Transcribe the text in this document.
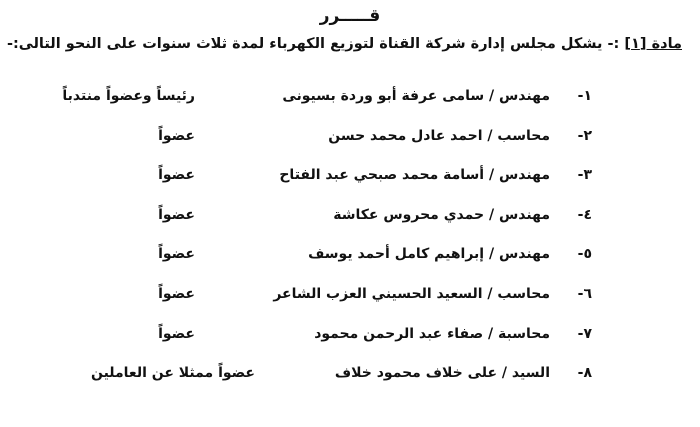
قـــــرر
مادة [١] :- يشكل مجلس إدارة شركة القناة لتوزيع الكهرباء لمدة ثلاث سنوات على النحو التالى:-
١-
مهندس / سامى عرفة أبو وردة بسيونى
رئيساً وعضواً منتدباً
٢-
محاسب / احمد عادل محمد حسن
عضواً
٣-
مهندس / أسامة محمد صبحي عبد الفتاح
عضواً
٤-
مهندس / حمدي محروس عكاشة
عضواً
٥-
مهندس / إبراهيم كامل أحمد يوسف
عضواً
٦-
محاسب / السعيد الحسيني العزب الشاعر
عضواً
٧-
محاسبة / صفاء عبد الرحمن محمود
عضواً
٨-
السيد / على خلاف محمود خلاف
عضواً ممثلا عن العاملين
